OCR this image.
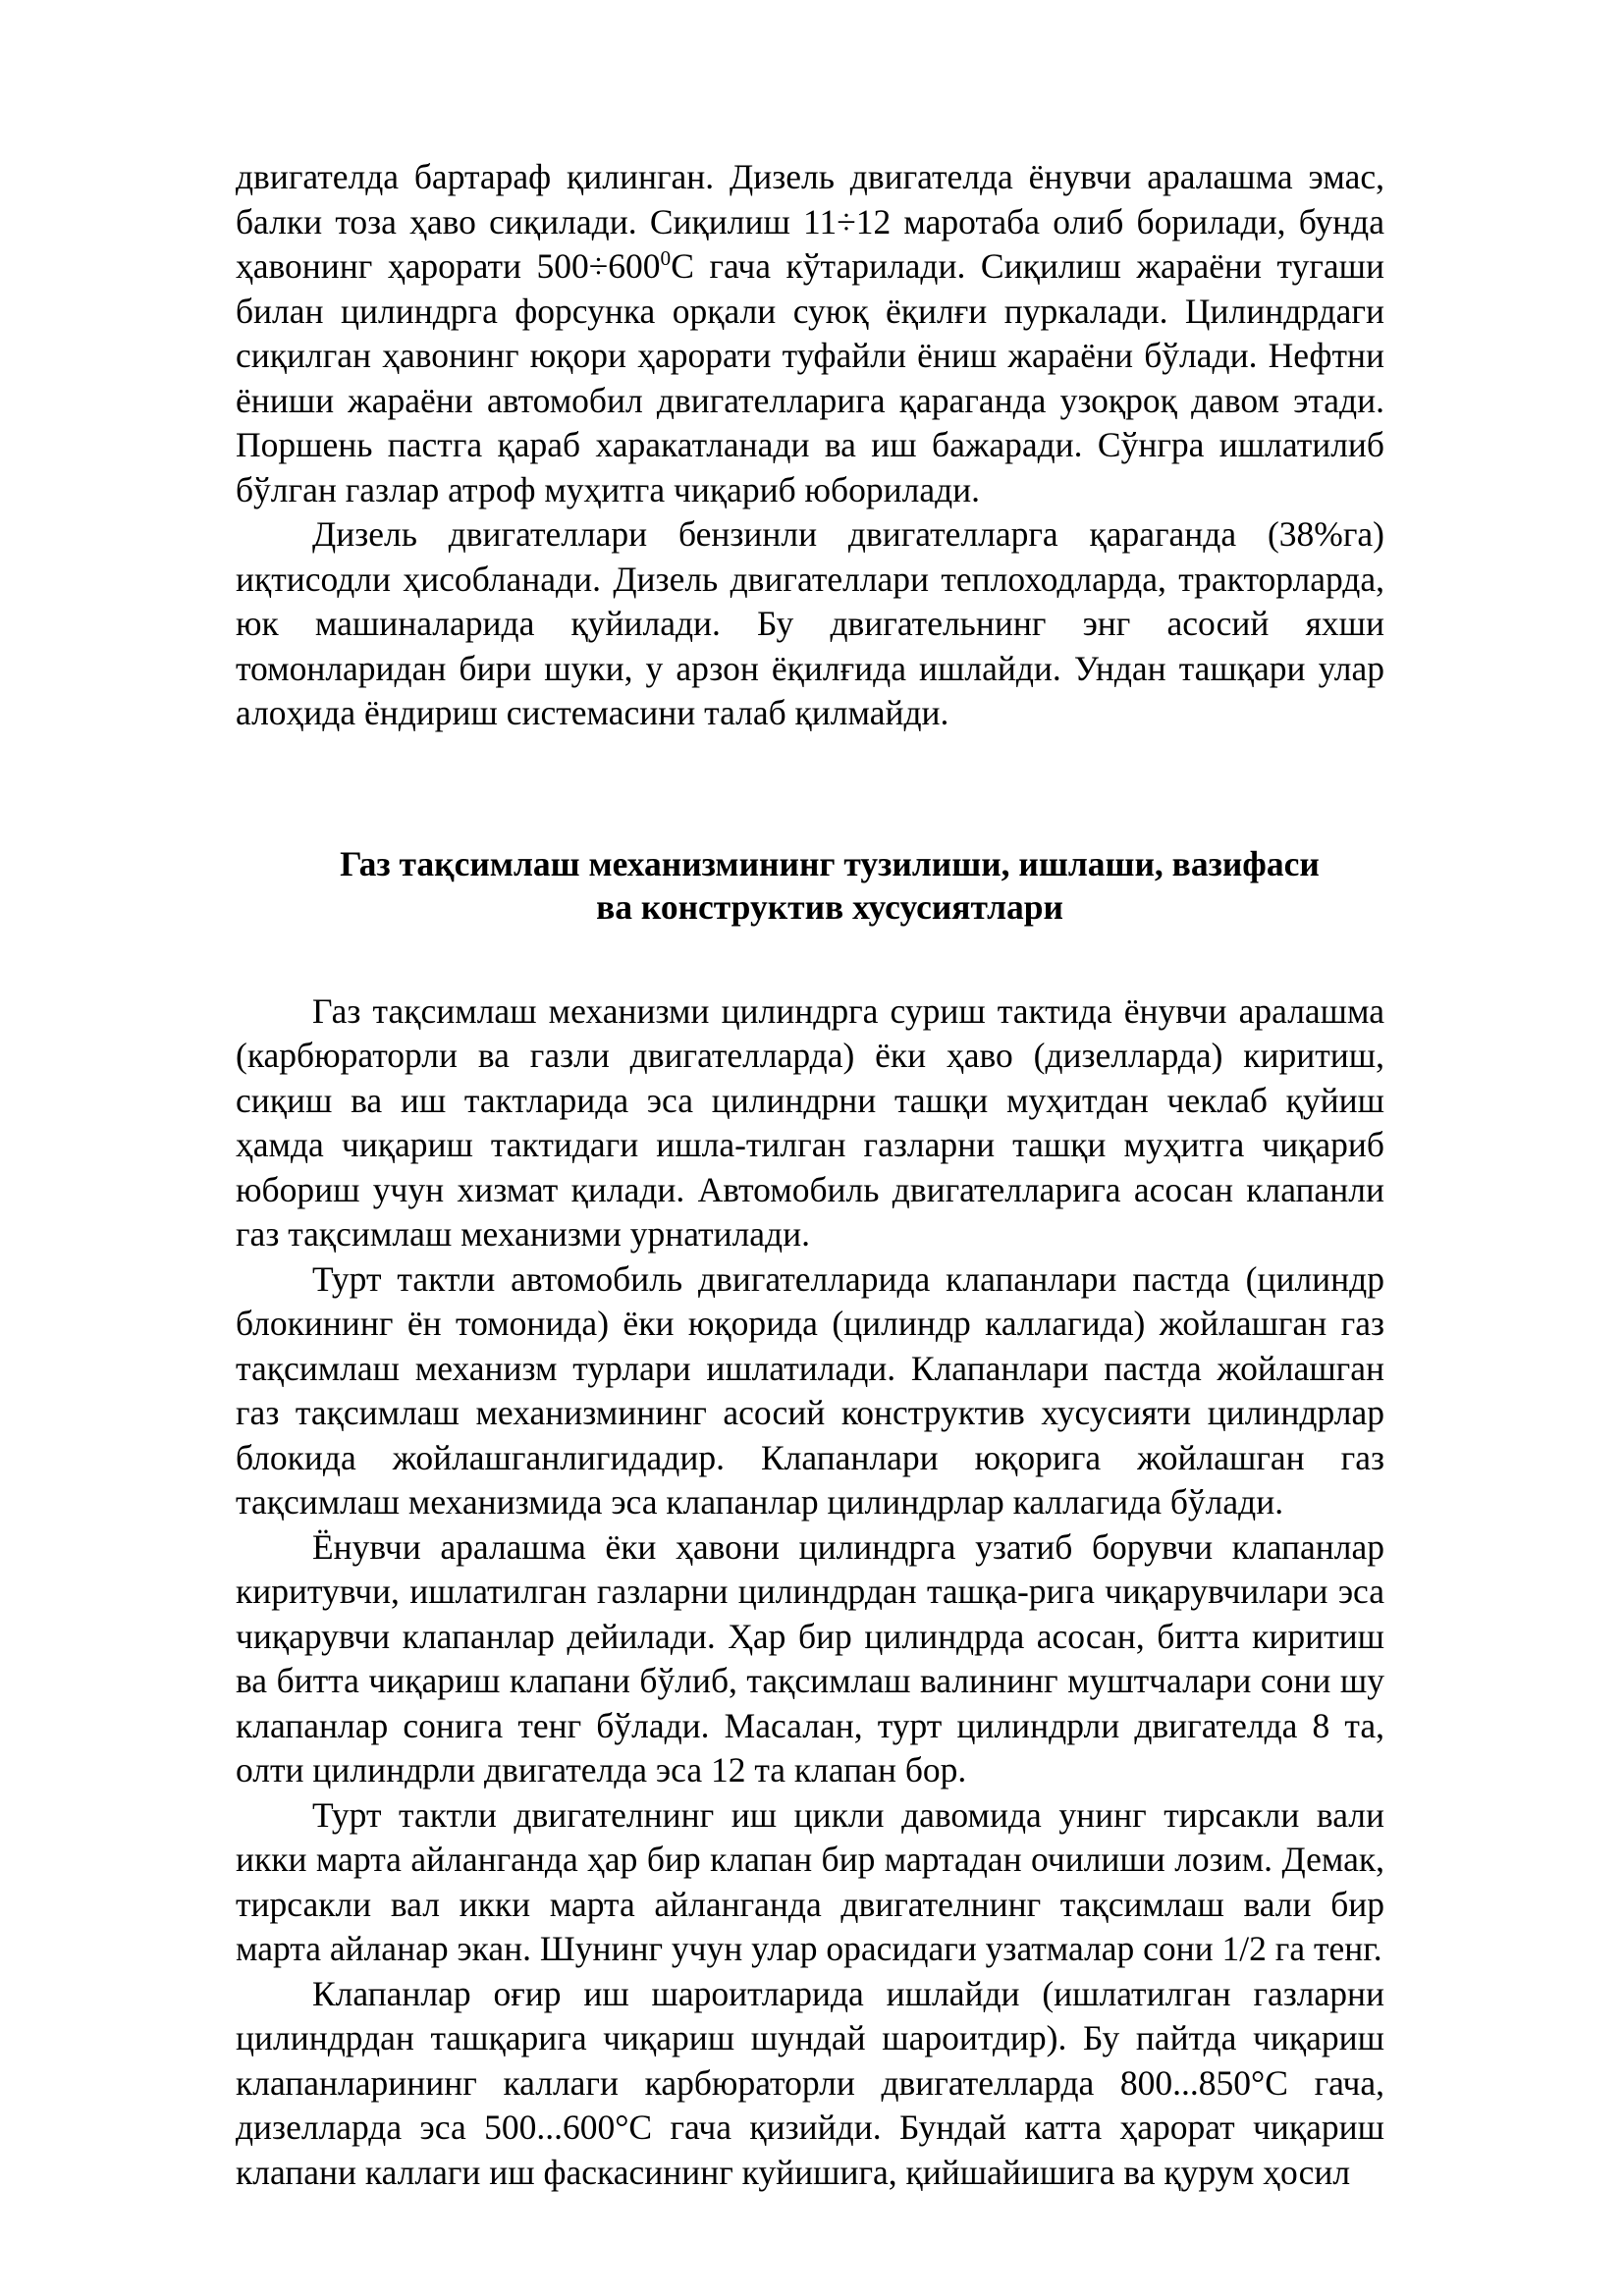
двигателда бартараф қилинган. Дизель двигателда ёнувчи аралашма эмас, балки тоза ҳаво сиқилади. Сиқилиш 11÷12 маротаба олиб борилади, бунда ҳавонинг ҳарорати $500\div 600^0С$ гача кўтарилади. Сиқилиш жараёни тугаши билан цилиндрга форсунка орқали суюқ ёқилғи пуркалади. Цилиндрдаги сиқилган ҳавонинг юқори ҳарорати туфайли ёниш жараёни бўлади. Нефтни ёниши жараёни автомобил двигателларига қараганда узоқроқ давом этади. Поршень пастга қараб харакатланади ва иш бажаради. Сўнгра ишлатилиб бўлган газлар атроф муҳитга чиқариб юборилади.

Дизель двигателлари бензинли двигателларга қараганда (38%га) иқтисодли ҳисобланади. Дизель двигателлари теплоходларда, тракторларда, юк машиналарида қуйилади. Бу двигательнинг энг асосий яхши томонларидан бири шуки, у арзон ёқилғида ишлайди. Ундан ташқари улар алоҳида ёндириш системасини талаб қилмайди.

Газ тақсимлаш механизмининг тузилиши, ишлаши, вазифаси
ва конструктив хусусиятлари

Газ тақсимлаш механизми цилиндрга суриш тактида ёнувчи аралашма (карбюраторли ва газли двигателларда) ёки ҳаво (дизелларда) киритиш, сиқиш ва иш тактларида эса цилиндрни ташқи муҳитдан чеклаб қуйиш ҳамда чиқариш тактидаги ишла-тилган газларни ташқи муҳитга чиқариб юбориш учун хизмат қилади. Автомобиль двигателларига асосан клапанли газ тақсимлаш механизми урнатилади.

Турт тактли автомобиль двигателларида клапанлари пастда (цилиндр блокининг ён томонида) ёки юқорида (цилиндр каллагида) жойлашган газ тақсимлаш механизм турлари ишлатилади. Клапанлари пастда жойлашган газ тақсимлаш механизмининг асосий конструктив хусусияти цилиндрлар блокида жойлашганлигидадир. Клапанлари юқорига жойлашган газ тақсимлаш механизмида эса клапанлар цилиндрлар каллагида бўлади.

Ёнувчи аралашма ёки ҳавони цилиндрга узатиб борувчи клапанлар киритувчи, ишлатилган газларни цилиндрдан ташқа-рига чиқарувчилари эса чиқарувчи клапанлар дейилади. Ҳар бир цилиндрда асосан, битта киритиш ва битта чиқариш клапани бўлиб, тақсимлаш валининг муштчалари сони шу клапанлар сонига тенг бўлади. Масалан, турт цилиндрли двигателда 8 та, олти цилиндрли двигателда эса 12 та клапан бор.

Турт тактли двигателнинг иш цикли давомида унинг тирсакли вали икки марта айланганда ҳар бир клапан бир мартадан очилиши лозим. Демак, тирсакли вал икки марта айланганда двигателнинг тақсимлаш вали бир марта айланар экан. Шунинг учун улар орасидаги узатмалар сони 1/2 га тенг.

Клапанлар оғир иш шароитларида ишлайди (ишлатилган газларни цилиндрдан ташқарига чиқариш шундай шароитдир). Бу пайтда чиқариш клапанларининг каллаги карбюраторли двигателларда 800...850°С гача, дизелларда эса 500...600°С гача қизийди. Бундай катта ҳарорат чиқариш клапани каллаги иш фаскасининг куйишига, қийшайишига ва қурум ҳосил
